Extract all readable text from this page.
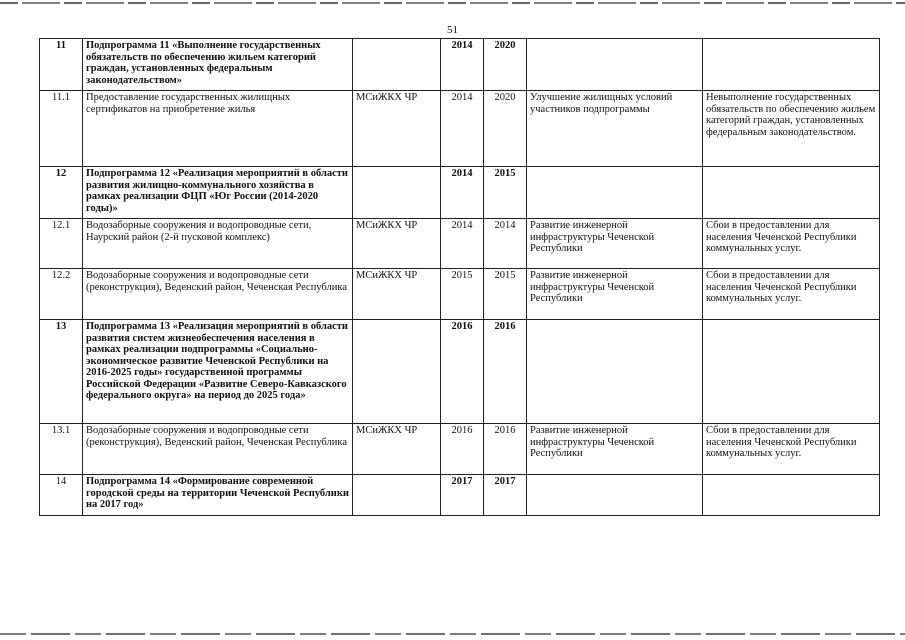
51
11	Подпрограмма 11 «Выполнение государственных обязательств по обеспечению жильем категорий граждан, установленных федеральным законодательством»		2014	2020		
11.1	Предоставление государственных жилищных сертификатов на приобретение жилья	МСиЖКХ ЧР	2014	2020	Улучшение жилищных условий участников подпрограммы	Невыполнение государственных обязательств по обеспечению жильем категорий граждан, установленных федеральным законодательством.
12	Подпрограмма 12 «Реализация мероприятий в области развития жилищно-коммунального хозяйства в рамках реализации ФЦП «Юг России (2014-2020 годы)»		2014	2015		
12.1	Водозаборные сооружения и водопроводные сети, Наурский район (2-й пусковой комплекс)	МСиЖКХ ЧР	2014	2014	Развитие инженерной инфраструктуры Чеченской Республики	Сбои в предоставлении для населения Чеченской Республики коммунальных услуг.
12.2	Водозаборные сооружения и водопроводные сети (реконструкция), Веденский район, Чеченская Республика	МСиЖКХ ЧР	2015	2015	Развитие инженерной инфраструктуры Чеченской Республики	Сбои в предоставлении для населения Чеченской Республики коммунальных услуг.
13	Подпрограмма 13 «Реализация мероприятий в области развития систем жизнеобеспечения населения в рамках реализации подпрограммы «Социально-экономическое развитие Чеченской Республики на 2016-2025 годы» государственной программы Российской Федерации «Развитие Северо-Кавказского федерального округа» на период до 2025 года»		2016	2016		
13.1	Водозаборные сооружения и водопроводные сети (реконструкция), Веденский район, Чеченская Республика	МСиЖКХ ЧР	2016	2016	Развитие инженерной инфраструктуры Чеченской Республики	Сбои в предоставлении для населения Чеченской Республики коммунальных услуг.
14	Подпрограмма 14 «Формирование современной городской среды на территории Чеченской Республики на 2017 год»		2017	2017		
